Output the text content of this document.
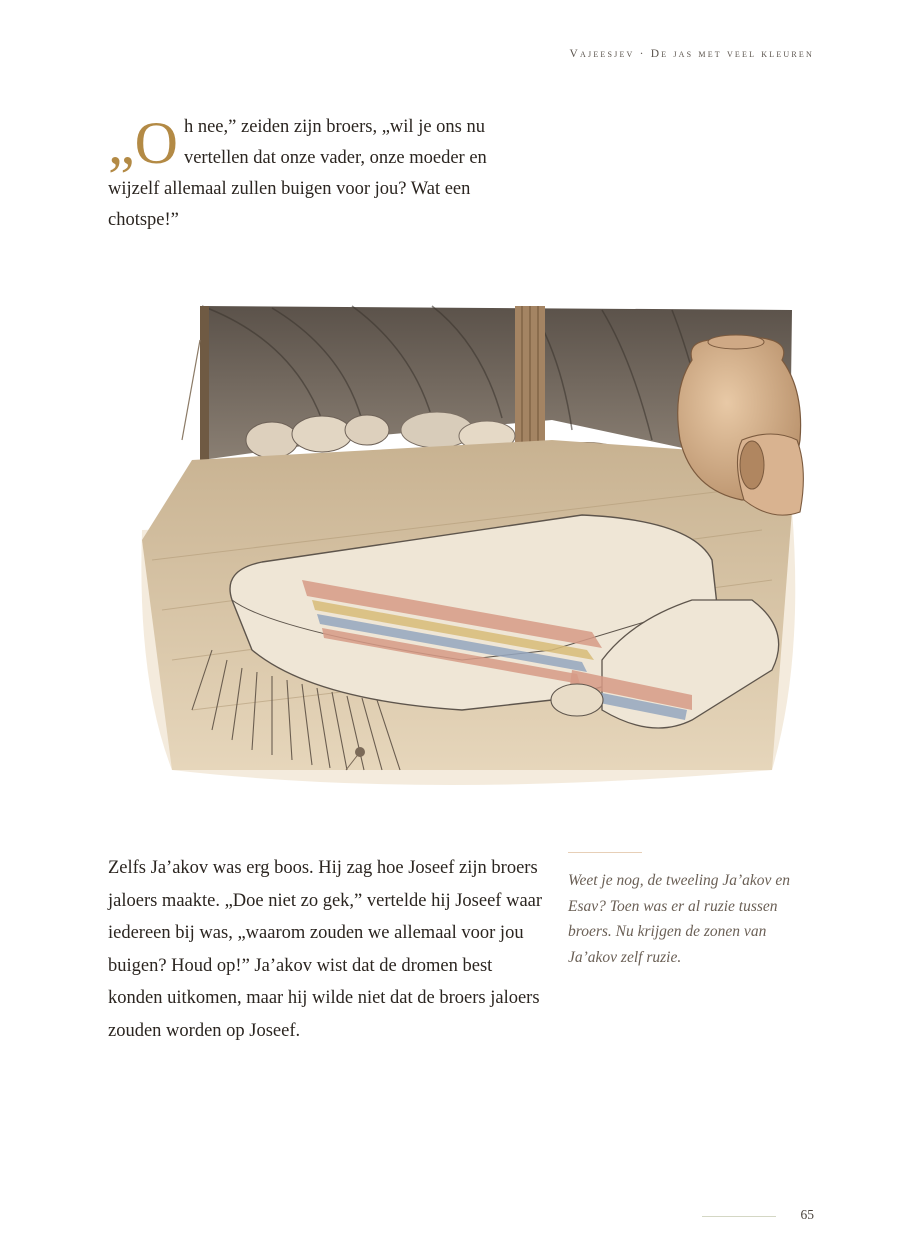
Vajeesjev · De jas met veel kleuren
„O h nee,” zeiden zijn broers, „wil je ons nu vertellen dat onze vader, onze moeder en wijzelf allemaal zullen buigen voor jou? Wat een chotspe!”

Zelfs Ja’akov was erg boos. Hij zag hoe Joseef zijn broers jaloers maakte. „Doe niet zo gek,” vertelde hij Joseef waar iedereen bij was, „waarom zouden we allemaal voor jou buigen? Houd op!” Ja’akov wist dat de dromen best konden uitkomen, maar hij wilde niet dat de broers jaloers zouden worden op Joseef.

Weet je nog, de tweeling Ja’akov en Esav? Toen was er al ruzie tussen broers. Nu krijgen de zonen van Ja’akov zelf ruzie.

65
